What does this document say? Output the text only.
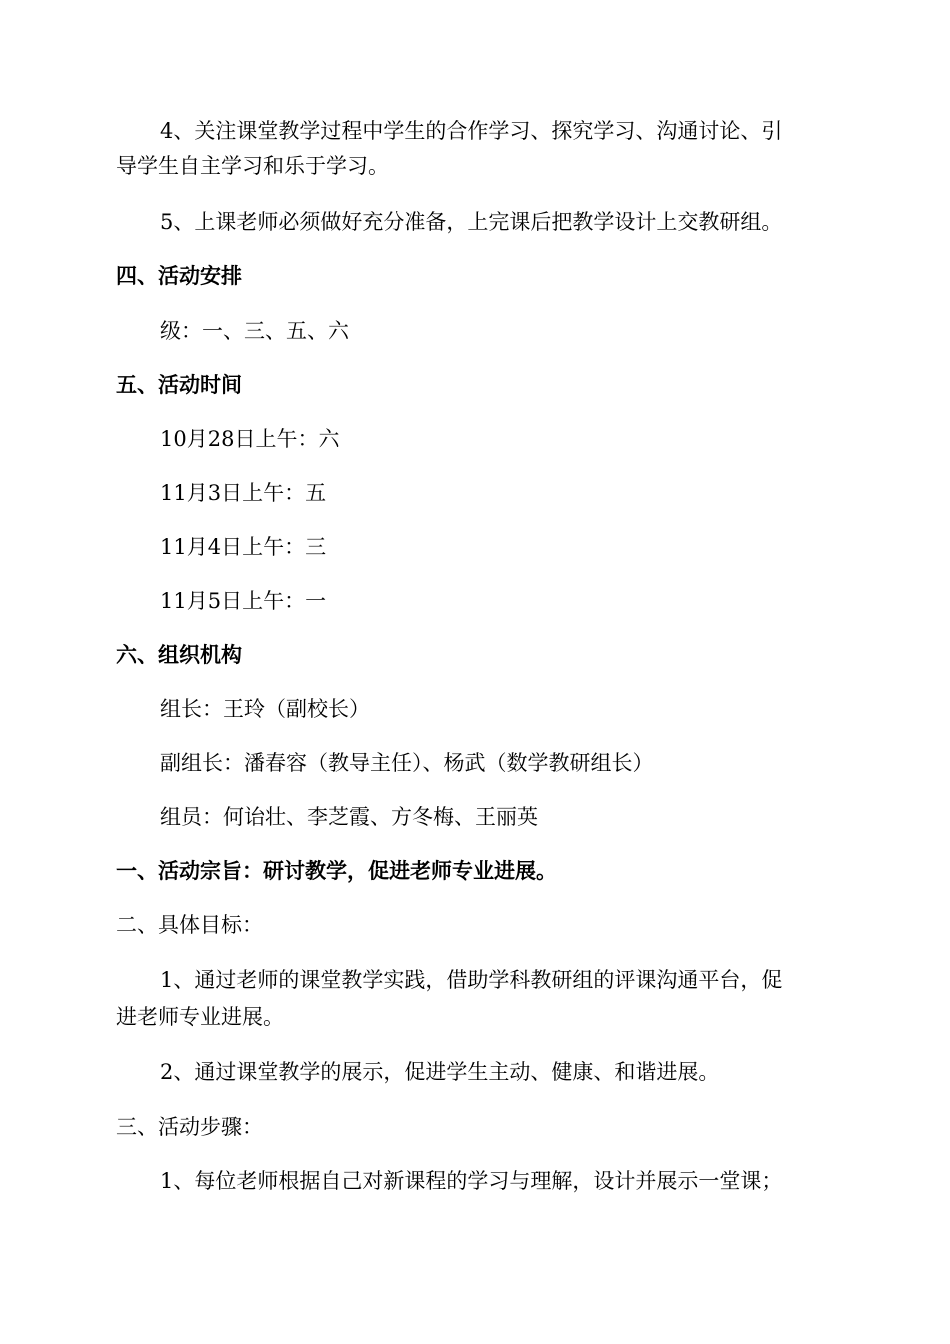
4、关注课堂教学过程中学生的合作学习、探究学习、沟通讨论、引
导学生自主学习和乐于学习。
5、上课老师必须做好充分准备，上完课后把教学设计上交教研组。
四、活动安排
级：一、三、五、六
五、活动时间
10月28日上午：六
11月3日上午：五
11月4日上午：三
11月5日上午：一
六、组织机构
组长：王玲（副校长）
副组长：潘春容（教导主任）、杨武（数学教研组长）
组员：何诒壮、李芝霞、方冬梅、王丽英
一、活动宗旨：研讨教学，促进老师专业进展。
二、具体目标：
1、通过老师的课堂教学实践，借助学科教研组的评课沟通平台，促
进老师专业进展。
2、通过课堂教学的展示，促进学生主动、健康、和谐进展。
三、活动步骤：
1、每位老师根据自己对新课程的学习与理解，设计并展示一堂课；
